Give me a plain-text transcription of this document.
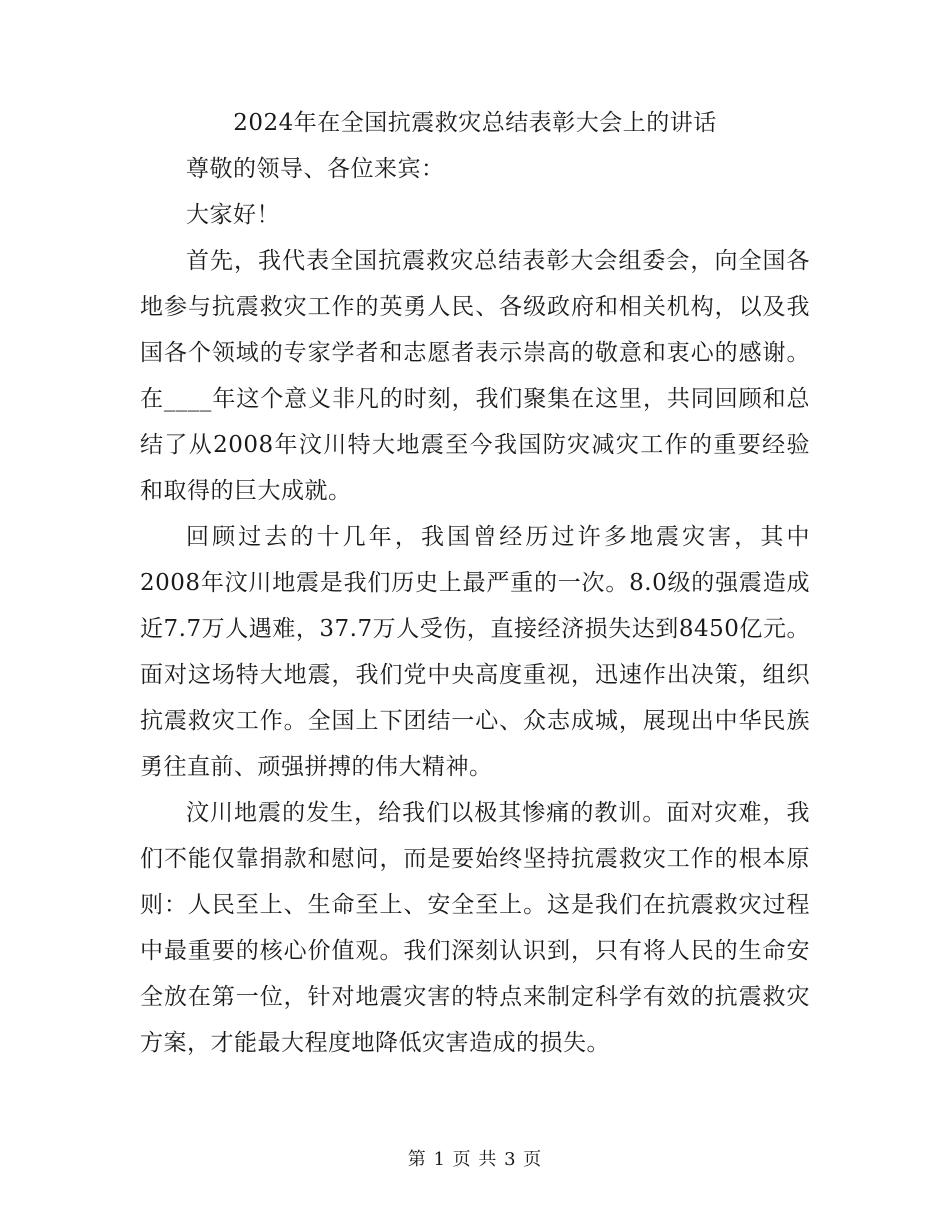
2024年在全国抗震救灾总结表彰大会上的讲话

尊敬的领导、各位来宾：

大家好！

首先，我代表全国抗震救灾总结表彰大会组委会，向全国各地参与抗震救灾工作的英勇人民、各级政府和相关机构，以及我国各个领域的专家学者和志愿者表示崇高的敬意和衷心的感谢。在____年这个意义非凡的时刻，我们聚集在这里，共同回顾和总结了从2008年汶川特大地震至今我国防灾减灾工作的重要经验和取得的巨大成就。

回顾过去的十几年，我国曾经历过许多地震灾害，其中2008年汶川地震是我们历史上最严重的一次。8.0级的强震造成近7.7万人遇难，37.7万人受伤，直接经济损失达到8450亿元。面对这场特大地震，我们党中央高度重视，迅速作出决策，组织抗震救灾工作。全国上下团结一心、众志成城，展现出中华民族勇往直前、顽强拼搏的伟大精神。

汶川地震的发生，给我们以极其惨痛的教训。面对灾难，我们不能仅靠捐款和慰问，而是要始终坚持抗震救灾工作的根本原则：人民至上、生命至上、安全至上。这是我们在抗震救灾过程中最重要的核心价值观。我们深刻认识到，只有将人民的生命安全放在第一位，针对地震灾害的特点来制定科学有效的抗震救灾方案，才能最大程度地降低灾害造成的损失。

第 1 页 共 3 页
